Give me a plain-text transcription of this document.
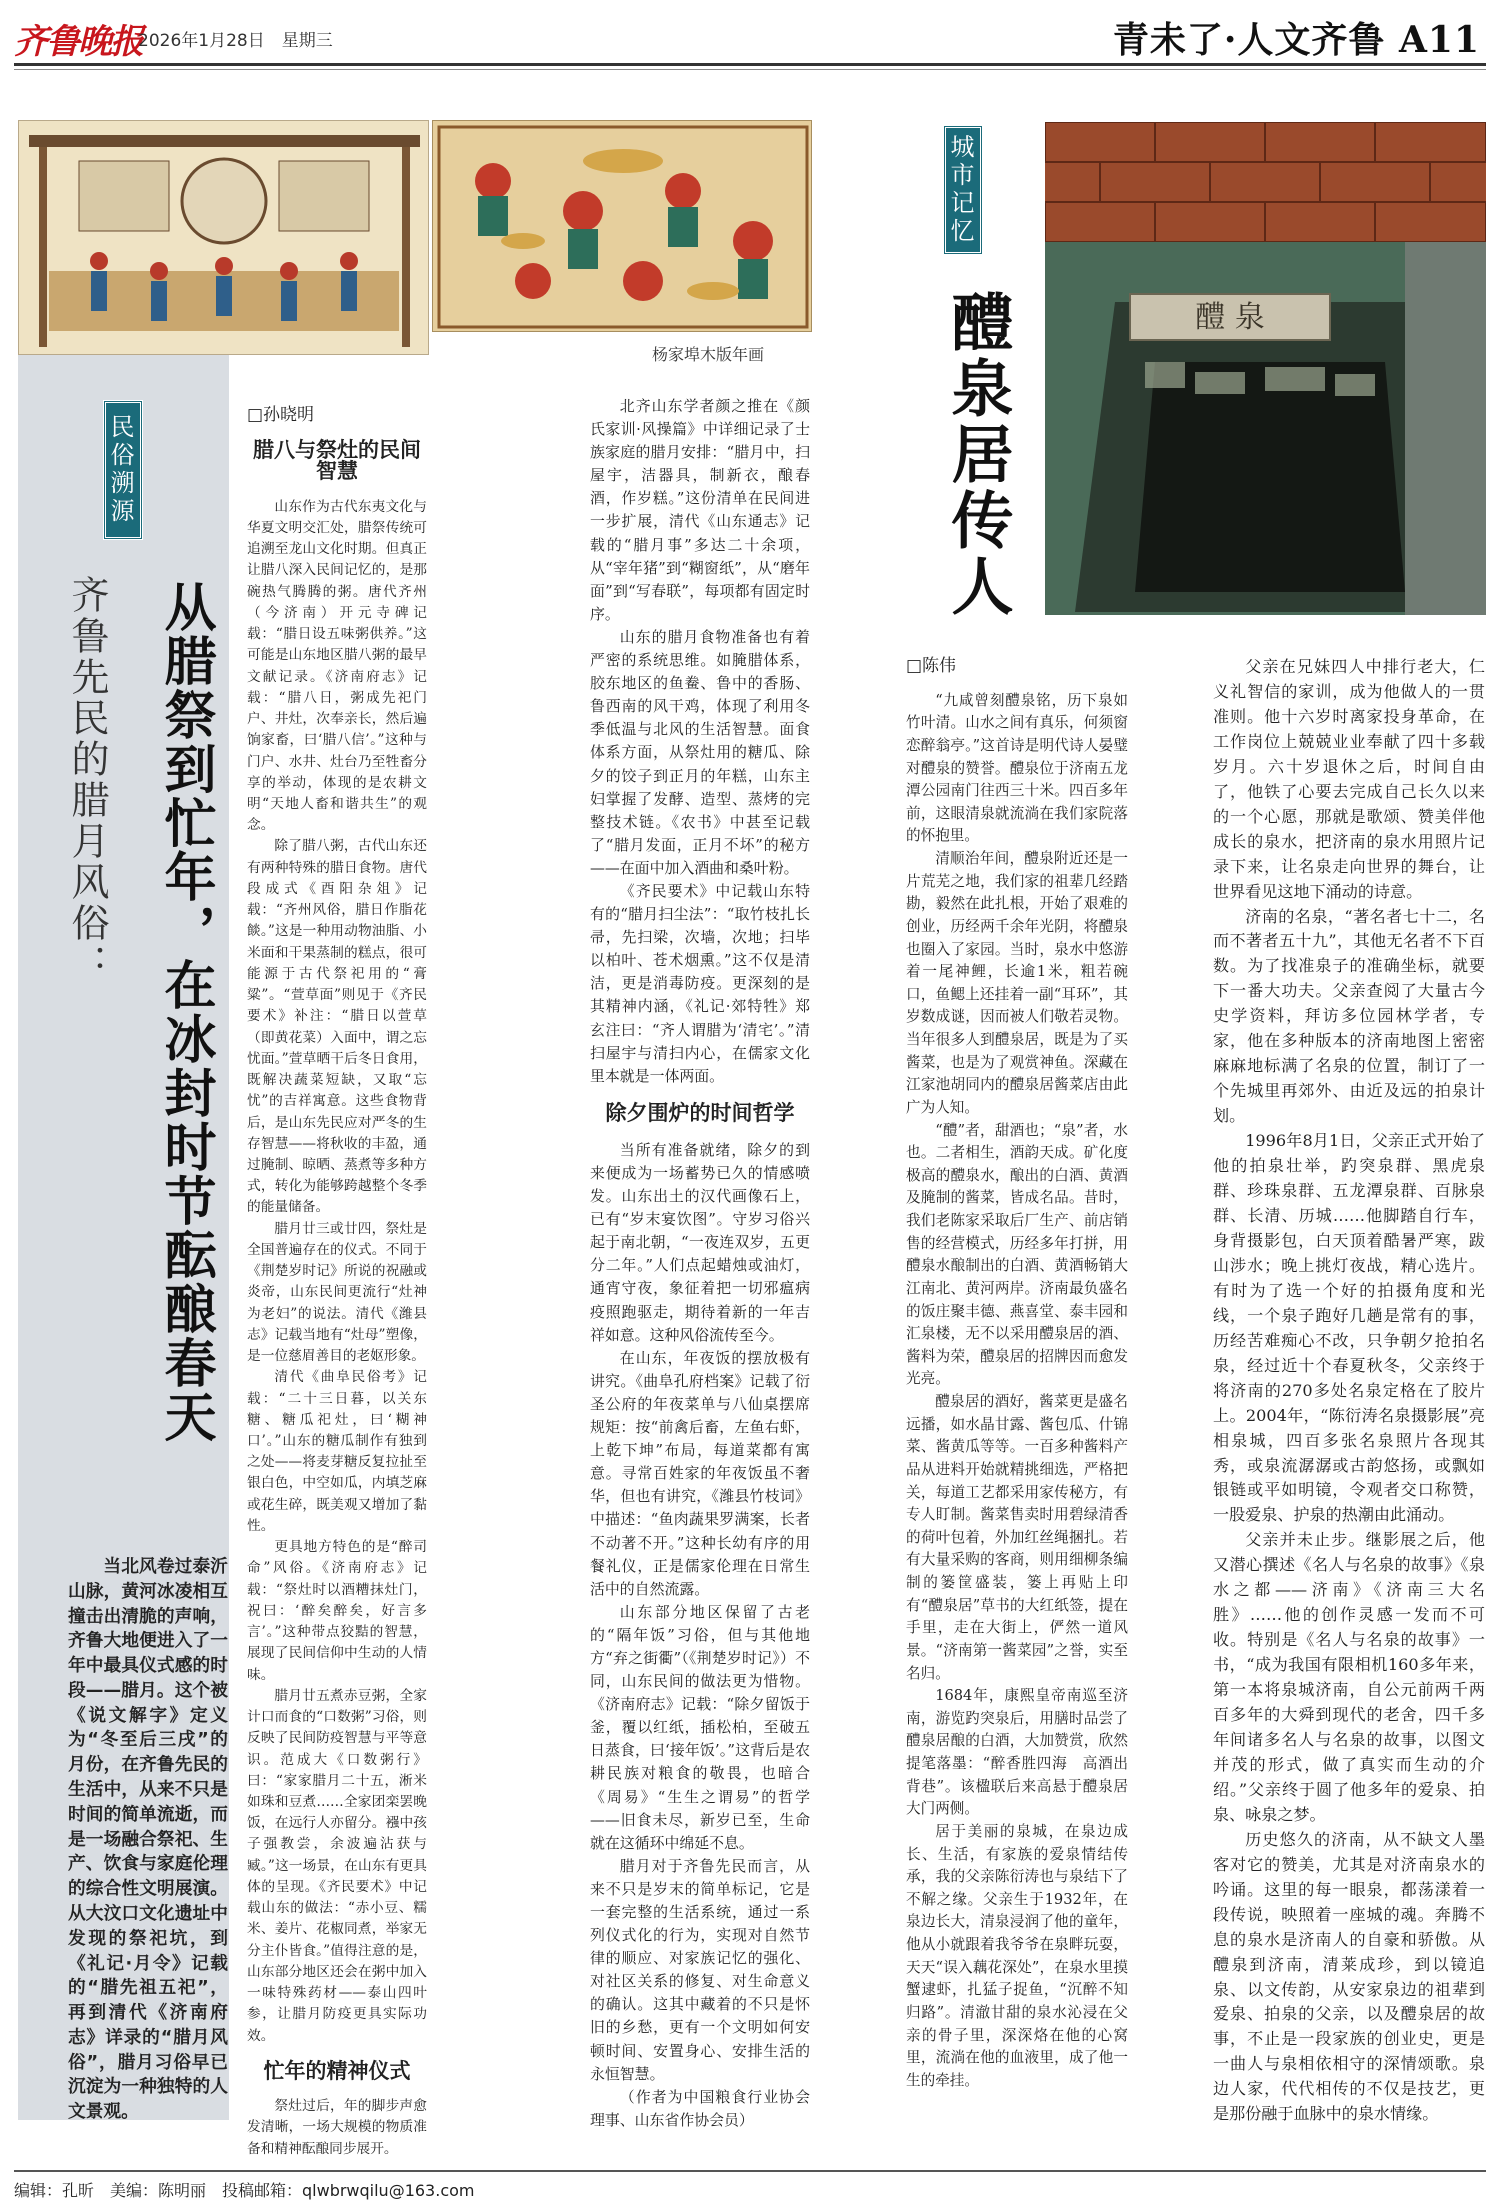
齐鲁晚报
2026年1月28日　星期三	青未了·人文齐鲁 A11
杨家埠木版年画
民俗溯源
齐鲁先民的腊月风俗： 从腊祭到忙年，在冰封时节酝酿春天
当北风卷过泰沂山脉，黄河冰凌相互撞击出清脆的声响，齐鲁大地便进入了一年中最具仪式感的时段——腊月。这个被《说文解字》定义为“冬至后三戌”的月份，在齐鲁先民的生活中，从来不只是时间的简单流逝，而是一场融合祭祀、生产、饮食与家庭伦理的综合性文明展演。从大汶口文化遗址中发现的祭祀坑，到《礼记·月令》记载的“腊先祖五祀”，再到清代《济南府志》详录的“腊月风俗”，腊月习俗早已沉淀为一种独特的人文景观。
□孙晓明
腊八与祭灶的民间智慧

山东作为古代东夷文化与华夏文明交汇处，腊祭传统可追溯至龙山文化时期。但真正让腊八深入民间记忆的，是那碗热气腾腾的粥。唐代齐州（今济南）开元寺碑记载：“腊日设五味粥供养。”这可能是山东地区腊八粥的最早文献记录。《济南府志》记载：“腊八日，粥成先祀门户、井灶，次奉亲长，然后遍饷家畜，曰‘腊八信’。”这种与门户、水井、灶台乃至牲畜分享的举动，体现的是农耕文明“天地人畜和谐共生”的观念。

除了腊八粥，古代山东还有两种特殊的腊日食物。唐代段成式《酉阳杂俎》记载：“齐州风俗，腊日作脂花餤。”这是一种用动物油脂、小米面和干果蒸制的糕点，很可能源于古代祭祀用的“膏粱”。“萱草面”则见于《齐民要术》补注：“腊日以萱草（即黄花菜）入面中，谓之忘忧面。”萱草晒干后冬日食用，既解决蔬菜短缺，又取“忘忧”的吉祥寓意。这些食物背后，是山东先民应对严冬的生存智慧——将秋收的丰盈，通过腌制、晾晒、蒸煮等多种方式，转化为能够跨越整个冬季的能量储备。

腊月廿三或廿四，祭灶是全国普遍存在的仪式。不同于《荆楚岁时记》所说的祝融或炎帝，山东民间更流行“灶神为老妇”的说法。清代《潍县志》记载当地有“灶母”塑像，是一位慈眉善目的老妪形象。

清代《曲阜民俗考》记载：“二十三日暮，以关东糖、糖瓜祀灶，曰‘糊神口’。”山东的糖瓜制作有独到之处——将麦芽糖反复拉扯至银白色，中空如瓜，内填芝麻或花生碎，既美观又增加了黏性。

更具地方特色的是“醉司命”风俗。《济南府志》记载：“祭灶时以酒糟抹灶门，祝曰：‘醉矣醉矣，好言多言’。”这种带点狡黠的智慧，展现了民间信仰中生动的人情味。

腊月廿五煮赤豆粥，全家计口而食的“口数粥”习俗，则反映了民间防疫智慧与平等意识。范成大《口数粥行》曰：“家家腊月二十五，淅米如珠和豆煮……全家团栾罢晚饭，在远行人亦留分。襁中孩子强教尝，余波遍沾获与臧。”这一场景，在山东有更具体的呈现。《齐民要术》中记载山东的做法：“赤小豆、糯米、姜片、花椒同煮，举家无分主仆皆食。”值得注意的是，山东部分地区还会在粥中加入一味特殊药材——泰山四叶参，让腊月防疫更具实际功效。

忙年的精神仪式

祭灶过后，年的脚步声愈发清晰，一场大规模的物质准备和精神酝酿同步展开。

北齐山东学者颜之推在《颜氏家训·风操篇》中详细记录了士族家庭的腊月安排：“腊月中，扫屋宇，洁器具，制新衣，酿春酒，作岁糕。”这份清单在民间进一步扩展，清代《山东通志》记载的“腊月事”多达二十余项，从“宰年猪”到“糊窗纸”，从“磨年面”到“写春联”，每项都有固定时序。

山东的腊月食物准备也有着严密的系统思维。如腌腊体系，胶东地区的鱼鲞、鲁中的香肠、鲁西南的风干鸡，体现了利用冬季低温与北风的生活智慧。面食体系方面，从祭灶用的糖瓜、除夕的饺子到正月的年糕，山东主妇掌握了发酵、造型、蒸烤的完整技术链。《农书》中甚至记载了“腊月发面，正月不坏”的秘方——在面中加入酒曲和桑叶粉。

《齐民要术》中记载山东特有的“腊月扫尘法”：“取竹枝扎长帚，先扫梁，次墙，次地；扫毕以柏叶、苍术烟熏。”这不仅是清洁，更是消毒防疫。更深刻的是其精神内涵，《礼记·郊特牲》郑玄注曰：“齐人谓腊为‘清宅’。”清扫屋宇与清扫内心，在儒家文化里本就是一体两面。

除夕围炉的时间哲学

当所有准备就绪，除夕的到来便成为一场蓄势已久的情感喷发。山东出土的汉代画像石上，已有“岁末宴饮图”。守岁习俗兴起于南北朝，“一夜连双岁，五更分二年。”人们点起蜡烛或油灯，通宵守夜，象征着把一切邪瘟病疫照跑驱走，期待着新的一年吉祥如意。这种风俗流传至今。

在山东，年夜饭的摆放极有讲究。《曲阜孔府档案》记载了衍圣公府的年夜菜单与八仙桌摆席规矩：按“前禽后畜，左鱼右虾，上乾下坤”布局，每道菜都有寓意。寻常百姓家的年夜饭虽不奢华，但也有讲究，《潍县竹枝词》中描述：“鱼肉蔬果罗满案，长者不动著不开。”这种长幼有序的用餐礼仪，正是儒家伦理在日常生活中的自然流露。

山东部分地区保留了古老的“隔年饭”习俗，但与其他地方“弃之街衢”（《荆楚岁时记》）不同，山东民间的做法更为惜物。《济南府志》记载：“除夕留饭于釜，覆以红纸，插松柏，至破五日蒸食，曰‘接年饭’。”这背后是农耕民族对粮食的敬畏，也暗合《周易》“生生之谓易”的哲学——旧食未尽，新岁已至，生命就在这循环中绵延不息。

腊月对于齐鲁先民而言，从来不只是岁末的简单标记，它是一套完整的生活系统，通过一系列仪式化的行为，实现对自然节律的顺应、对家族记忆的强化、对社区关系的修复、对生命意义的确认。这其中藏着的不只是怀旧的乡愁，更有一个文明如何安顿时间、安置身心、安排生活的永恒智慧。

（作者为中国粮食行业协会理事、山东省作协会员）

城市记忆
醴泉居传人	醴 泉
□陈伟

“九咸曾刻醴泉铭，历下泉如竹叶清。山水之间有真乐，何须窗恋醉翁亭。”这首诗是明代诗人晏璧对醴泉的赞誉。醴泉位于济南五龙潭公园南门往西三十米。四百多年前，这眼清泉就流淌在我们家院落的怀抱里。

清顺治年间，醴泉附近还是一片荒芜之地，我们家的祖辈几经踏勘，毅然在此扎根，开始了艰难的创业，历经两千余年光阴，将醴泉也圈入了家园。当时，泉水中悠游着一尾神鲤，长逾1米，粗若碗口，鱼鳃上还挂着一副“耳环”，其岁数成谜，因而被人们敬若灵物。当年很多人到醴泉居，既是为了买酱菜，也是为了观赏神鱼。深藏在江家池胡同内的醴泉居酱菜店由此广为人知。

“醴”者，甜酒也；“泉”者，水也。二者相生，酒韵天成。矿化度极高的醴泉水，酿出的白酒、黄酒及腌制的酱菜，皆成名品。昔时，我们老陈家采取后厂生产、前店销售的经营模式，历经多年打拼，用醴泉水酿制出的白酒、黄酒畅销大江南北、黄河两岸。济南最负盛名的饭庄聚丰德、燕喜堂、泰丰园和汇泉楼，无不以采用醴泉居的酒、酱料为荣，醴泉居的招牌因而愈发光亮。

醴泉居的酒好，酱菜更是盛名远播，如水晶甘露、酱包瓜、什锦菜、酱黄瓜等等。一百多种酱料产品从进料开始就精挑细选，严格把关，每道工艺都采用家传秘方，有专人盯制。酱菜售卖时用碧绿清香的荷叶包着，外加红丝绳捆扎。若有大量采购的客商，则用细柳条编制的篓筐盛装，篓上再贴上印有“醴泉居”草书的大红纸签，提在手里，走在大街上，俨然一道风景。“济南第一酱菜园”之誉，实至名归。

1684年，康熙皇帝南巡至济南，游览趵突泉后，用膳时品尝了醴泉居酿的白酒，大加赞赏，欣然提笔落墨：“醉香胜四海　高酒出背巷”。该楹联后来高悬于醴泉居大门两侧。

居于美丽的泉城，在泉边成长、生活，有家族的爱泉情结传承，我的父亲陈衍涛也与泉结下了不解之缘。父亲生于1932年，在泉边长大，清泉浸润了他的童年，他从小就跟着我爷爷在泉畔玩耍，天天“误入藕花深处”，在泉水里摸蟹逮虾，扎猛子捉鱼，“沉醉不知归路”。清澈甘甜的泉水沁浸在父亲的骨子里，深深烙在他的心窝里，流淌在他的血液里，成了他一生的牵挂。

父亲在兄妹四人中排行老大，仁义礼智信的家训，成为他做人的一贯准则。他十六岁时离家投身革命，在工作岗位上兢兢业业奉献了四十多载岁月。六十岁退休之后，时间自由了，他铁了心要去完成自己长久以来的一个心愿，那就是歌颂、赞美伴他成长的泉水，把济南的泉水用照片记录下来，让名泉走向世界的舞台，让世界看见这地下涌动的诗意。

济南的名泉，“著名者七十二，名而不著者五十九”，其他无名者不下百数。为了找准泉子的准确坐标，就要下一番大功夫。父亲查阅了大量古今史学资料，拜访多位园林学者，专家，他在多种版本的济南地图上密密麻麻地标满了名泉的位置，制订了一个先城里再郊外、由近及远的拍泉计划。

1996年8月1日，父亲正式开始了他的拍泉壮举，趵突泉群、黑虎泉群、珍珠泉群、五龙潭泉群、百脉泉群、长清、历城……他脚踏自行车，身背摄影包，白天顶着酷暑严寒，跋山涉水；晚上挑灯夜战，精心选片。有时为了选一个好的拍摄角度和光线，一个泉子跑好几趟是常有的事，历经苦难痴心不改，只争朝夕抢拍名泉，经过近十个春夏秋冬，父亲终于将济南的270多处名泉定格在了胶片上。2004年，“陈衍涛名泉摄影展”亮相泉城，四百多张名泉照片各现其秀，或泉流潺潺或古韵悠扬，或飘如银链或平如明镜，令观者交口称赞，一股爱泉、护泉的热潮由此涌动。

父亲并未止步。继影展之后，他又潜心撰述《名人与名泉的故事》《泉水之都——济南》《济南三大名胜》……他的创作灵感一发而不可收。特别是《名人与名泉的故事》一书，“成为我国有限相机160多年来，第一本将泉城济南，自公元前两千两百多年的大舜到现代的老舍，四千多年间诸多名人与名泉的故事，以图文并茂的形式，做了真实而生动的介绍。”父亲终于圆了他多年的爱泉、拍泉、咏泉之梦。

历史悠久的济南，从不缺文人墨客对它的赞美，尤其是对济南泉水的吟诵。这里的每一眼泉，都荡漾着一段传说，映照着一座城的魂。奔腾不息的泉水是济南人的自豪和骄傲。从醴泉到济南，清莱成珍，到以镜追泉、以文传韵，从安家泉边的祖辈到爱泉、拍泉的父亲，以及醴泉居的故事，不止是一段家族的创业史，更是一曲人与泉相依相守的深情颂歌。泉边人家，代代相传的不仅是技艺，更是那份融于血脉中的泉水情缘。

编辑：孔昕　美编：陈明丽　投稿邮箱：qlwbrwqilu@163.com
